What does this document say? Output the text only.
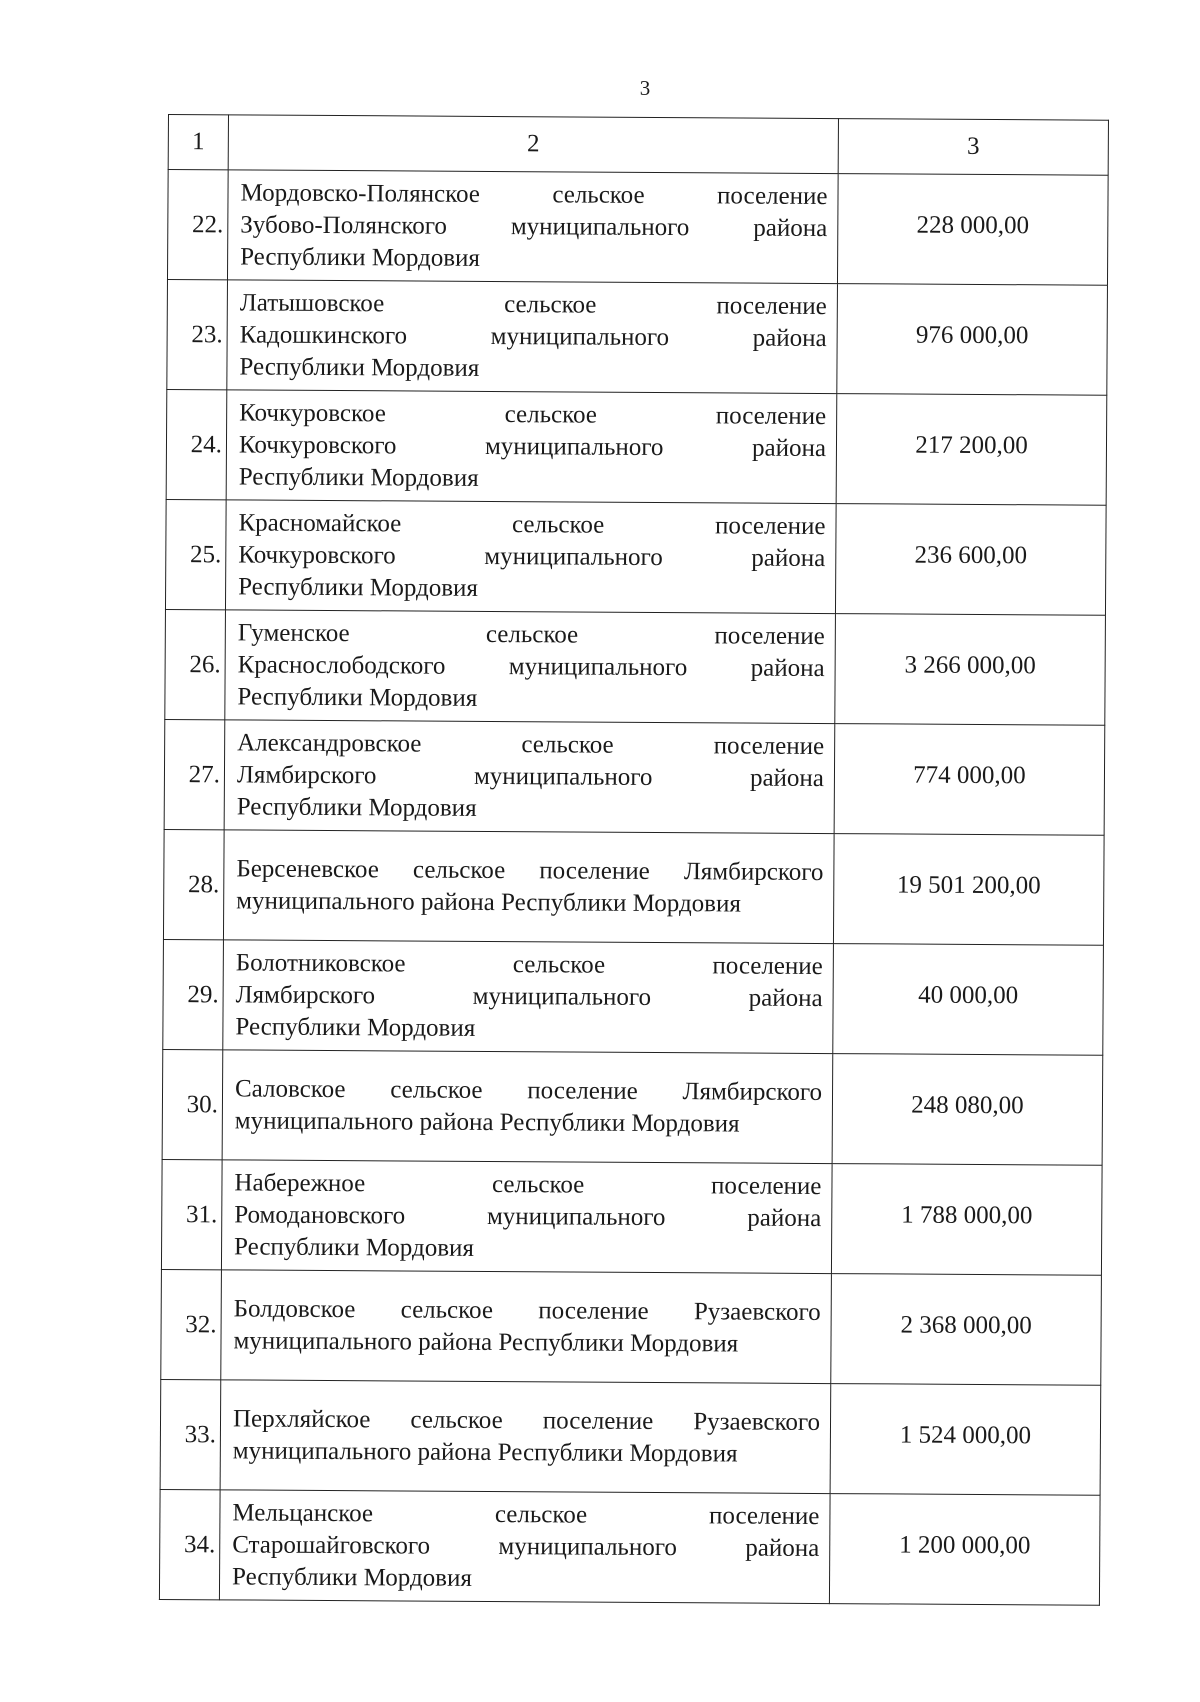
3
1	2	3
22.	Мордовско-Полянское сельское поселение
Зубово-Полянского муниципального района
Республики Мордовия	228 000,00
23.	Латышовское сельское поселение
Кадошкинского муниципального района
Республики Мордовия	976 000,00
24.	Кочкуровское сельское поселение
Кочкуровского муниципального района
Республики Мордовия	217 200,00
25.	Красномайское сельское поселение
Кочкуровского муниципального района
Республики Мордовия	236 600,00
26.	Гуменское сельское поселение
Краснослободского муниципального района
Республики Мордовия	3 266 000,00
27.	Александровское сельское поселение
Лямбирского муниципального района
Республики Мордовия	774 000,00
28.	Берсеневское сельское поселение Лямбирского
муниципального района Республики Мордовия	19 501 200,00
29.	Болотниковское сельское поселение
Лямбирского муниципального района
Республики Мордовия	40 000,00
30.	Саловское сельское поселение Лямбирского
муниципального района Республики Мордовия	248 080,00
31.	Набережное сельское поселение
Ромодановского муниципального района
Республики Мордовия	1 788 000,00
32.	Болдовское сельское поселение Рузаевского
муниципального района Республики Мордовия	2 368 000,00
33.	Перхляйское сельское поселение Рузаевского
муниципального района Республики Мордовия	1 524 000,00
34.	Мельцанское сельское поселение
Старошайговского муниципального района
Республики Мордовия	1 200 000,00
